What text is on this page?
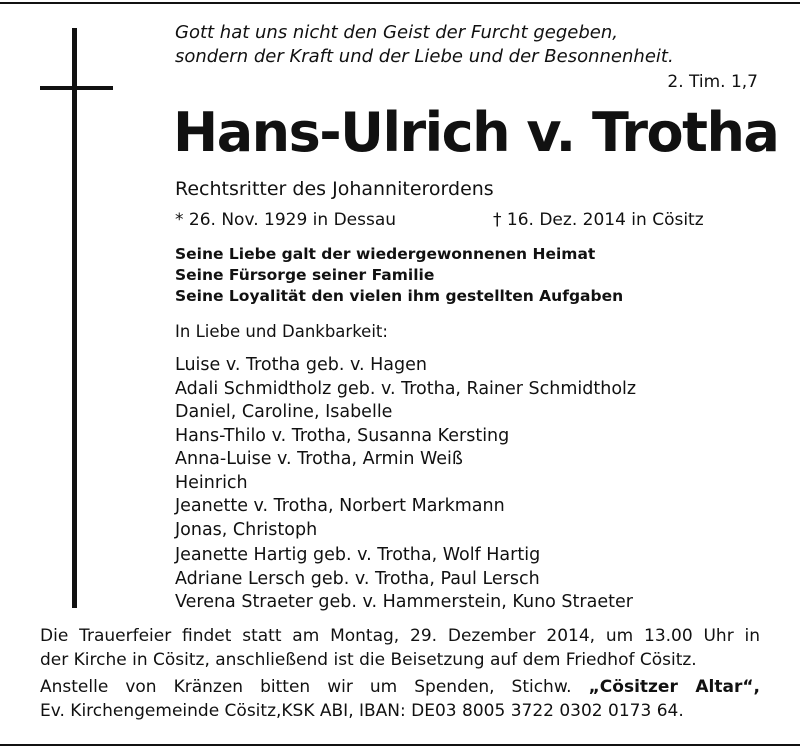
Gott hat uns nicht den Geist der Furcht gegeben,
sondern der Kraft und der Liebe und der Besonnenheit.
2. Tim. 1,7
Hans-Ulrich v. Trotha
Rechtsritter des Johanniterordens
* 26. Nov. 1929 in Dessau	† 16. Dez. 2014 in Cösitz
Seine Liebe galt der wiedergewonnenen Heimat
Seine Fürsorge seiner Familie
Seine Loyalität den vielen ihm gestellten Aufgaben
In Liebe und Dankbarkeit:
Luise v. Trotha geb. v. Hagen
Adali Schmidtholz geb. v. Trotha, Rainer Schmidtholz
Daniel, Caroline, Isabelle
Hans-Thilo v. Trotha, Susanna Kersting
Anna-Luise v. Trotha, Armin Weiß
Heinrich
Jeanette v. Trotha, Norbert Markmann
Jonas, Christoph
Jeanette Hartig geb. v. Trotha, Wolf Hartig
Adriane Lersch geb. v. Trotha, Paul Lersch
Verena Straeter geb. v. Hammerstein, Kuno Straeter
Die Trauerfeier findet statt am Montag, 29. Dezember 2014, um 13.00 Uhr in
der Kirche in Cösitz, anschließend ist die Beisetzung auf dem Friedhof Cösitz.
Anstelle von Kränzen bitten wir um Spenden, Stichw. „Cösitzer Altar“,
Ev. Kirchengemeinde Cösitz,KSK ABI, IBAN: DE03 8005 3722 0302 0173 64.
